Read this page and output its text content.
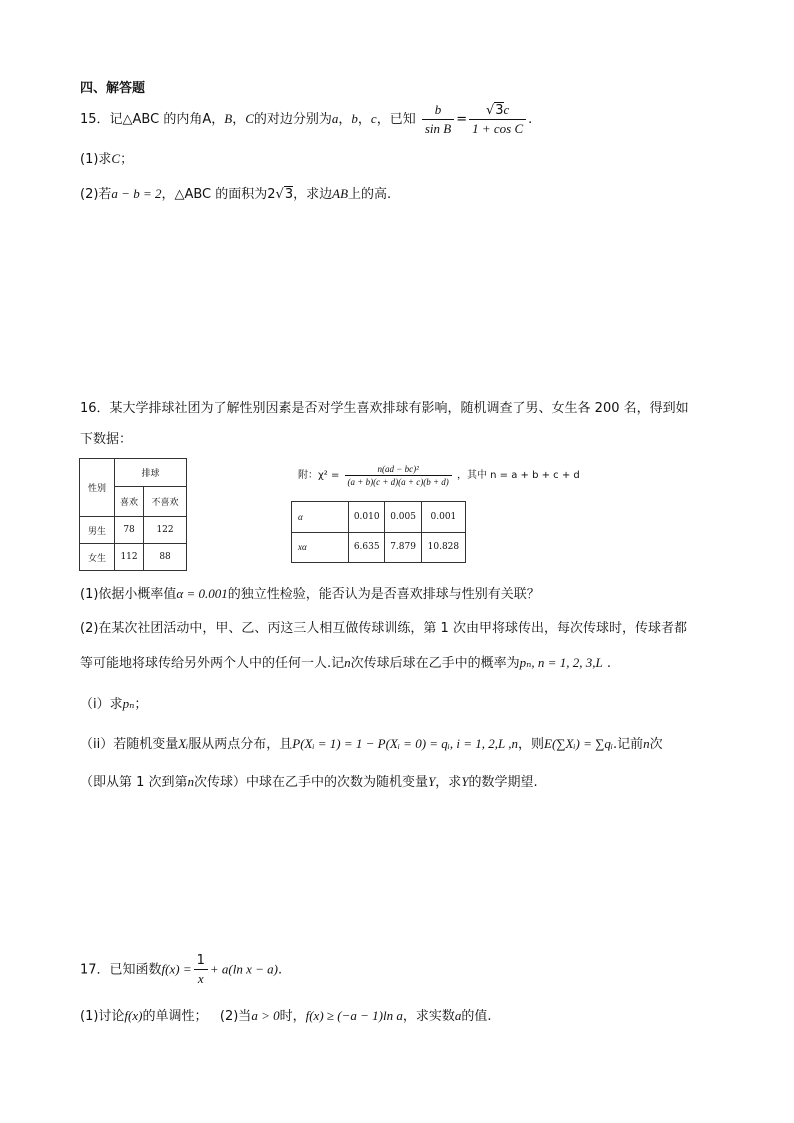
四、解答题
15．记△ABC 的内角A，B，C的对边分别为a，b，c，已知 $\frac{b}{\text{sin B}} = \frac{√3c}{\text{1 + cos C}}$ .
(1)求C；
(2)若a − b = 2，△ABC 的面积为2√3，求边AB上的高.
16．某大学排球社团为了解性别因素是否对学生喜欢排球有影响，随机调查了男、女生各 200 名，得到如
下数据：
性别	排球	
	喜欢	不喜欢
男生	78	122
女生	112	88
附：$\chi^2 = \frac{\text{n(ad − bc)²}}{(a + b)(c + d)(a + c)(b + d)}$ ，其中 n = a + b + c + d
α	0.010	0.005	0.001
xα	6.635	7.879	10.828
(1)依据小概率值α = 0.001的独立性检验，能否认为是否喜欢排球与性别有关联？
(2)在某次社团活动中，甲、乙、丙这三人相互做传球训练，第 1 次由甲将球传出，每次传球时，传球者都
等可能地将球传给另外两个人中的任何一人.记n次传球后球在乙手中的概率为pₙ, n = 1, 2, 3,L .
（i）求pₙ；
（ii）若随机变量Xᵢ服从两点分布，且P(Xᵢ = 1) = 1 − P(Xᵢ = 0) = qᵢ, i = 1, 2,L ,n，则E(∑Xᵢ) = ∑qᵢ.记前n次
（即从第 1 次到第n次传球）中球在乙手中的次数为随机变量Y，求Y的数学期望.
17．已知函数$f(x) = \frac{1}{x} + a(\ln$ x − a).
(1)讨论f(x)的单调性； (2)当a > 0时，f(x) ≥ (−a − 1)ln a，求实数a的值.
